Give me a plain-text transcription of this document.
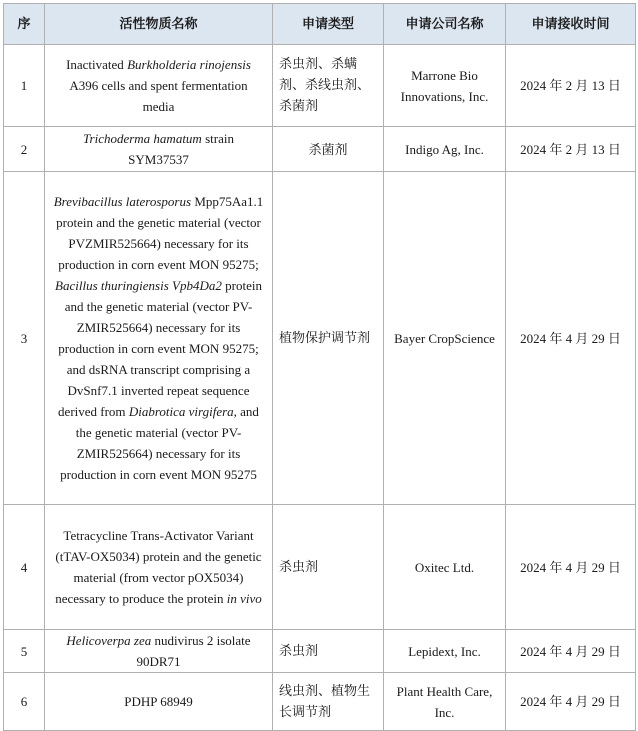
序	活性物质名称	申请类型	申请公司名称	申请接收时间
1	Inactivated Burkholderia rinojensis A396 cells and spent fermentation media	杀虫剂、杀螨剂、杀线虫剂、杀菌剂	Marrone Bio Innovations, Inc.	2024 年 2 月 13 日
2	Trichoderma hamatum strain SYM37537	杀菌剂	Indigo Ag, Inc.	2024 年 2 月 13 日
3	Brevibacillus laterosporus Mpp75Aa1.1 protein and the genetic material (vector PVZMIR525664) necessary for its production in corn event MON 95275; Bacillus thuringiensis Vpb4Da2 protein and the genetic material (vector PV-ZMIR525664) necessary for its production in corn event MON 95275; and dsRNA transcript comprising a DvSnf7.1 inverted repeat sequence derived from Diabrotica virgifera, and the genetic material (vector PV-ZMIR525664) necessary for its production in corn event MON 95275	植物保护调节剂	Bayer CropScience	2024 年 4 月 29 日
4	Tetracycline Trans-Activator Variant (tTAV-OX5034) protein and the genetic material (from vector pOX5034) necessary to produce the protein in vivo	杀虫剂	Oxitec Ltd.	2024 年 4 月 29 日
5	Helicoverpa zea nudivirus 2 isolate 90DR71	杀虫剂	Lepidext, Inc.	2024 年 4 月 29 日
6	PDHP 68949	线虫剂、植物生长调节剂	Plant Health Care, Inc.	2024 年 4 月 29 日
